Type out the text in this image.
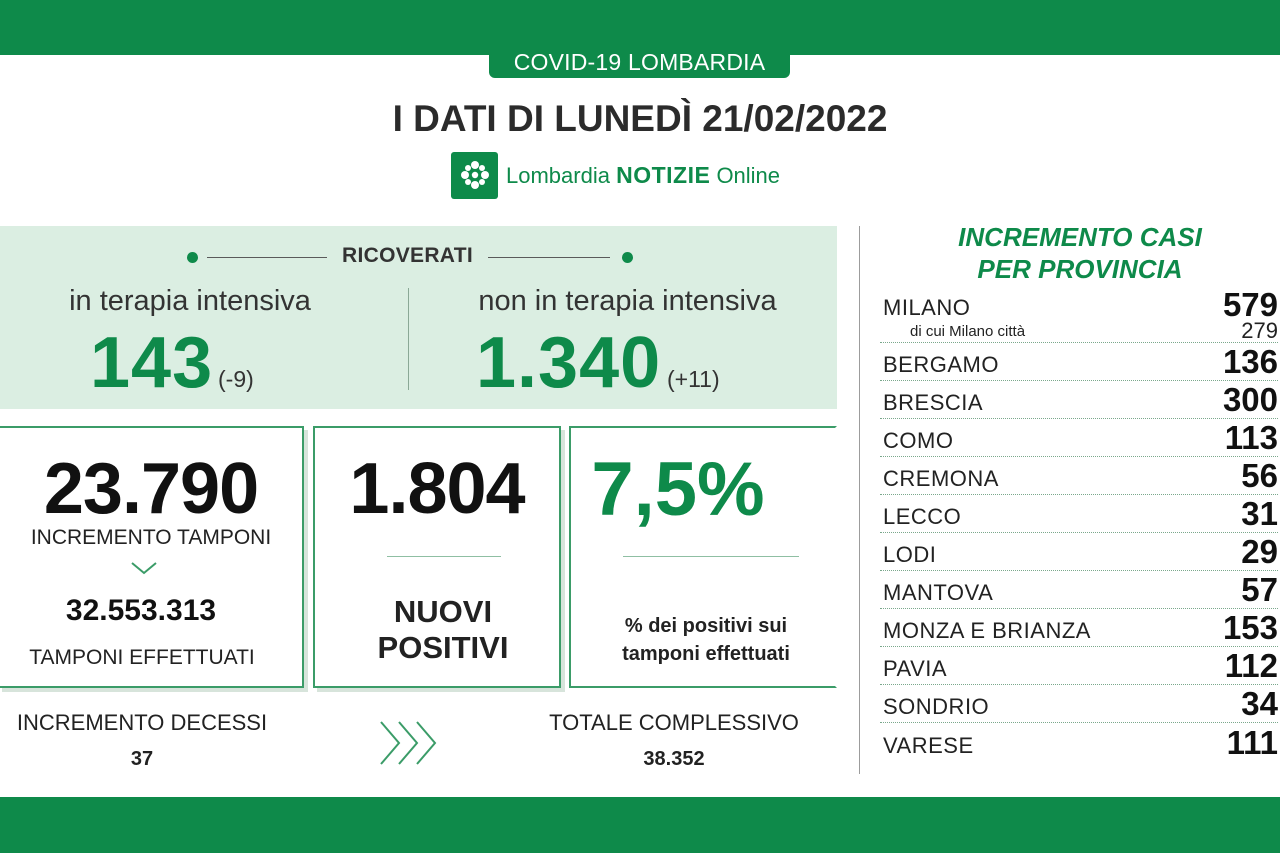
COVID-19 LOMBARDIA
I DATI DI LUNEDÌ 21/02/2022
Lombardia NOTIZIE Online
RICOVERATI
in terapia intensiva
143 (-9)
non in terapia intensiva
1.340 (+11)
23.790
INCREMENTO TAMPONI
32.553.313
TAMPONI EFFETTUATI
1.804
NUOVI
POSITIVI
7,5%
% dei positivi sui
tamponi effettuati
INCREMENTO DECESSI
37
TOTALE COMPLESSIVO
38.352
INCREMENTO CASI
PER PROVINCIA
MILANO	579
di cui Milano città	279
BERGAMO	136
BRESCIA	300
COMO	113
CREMONA	56
LECCO	31
LODI	29
MANTOVA	57
MONZA E BRIANZA	153
PAVIA	112
SONDRIO	34
VARESE	111
